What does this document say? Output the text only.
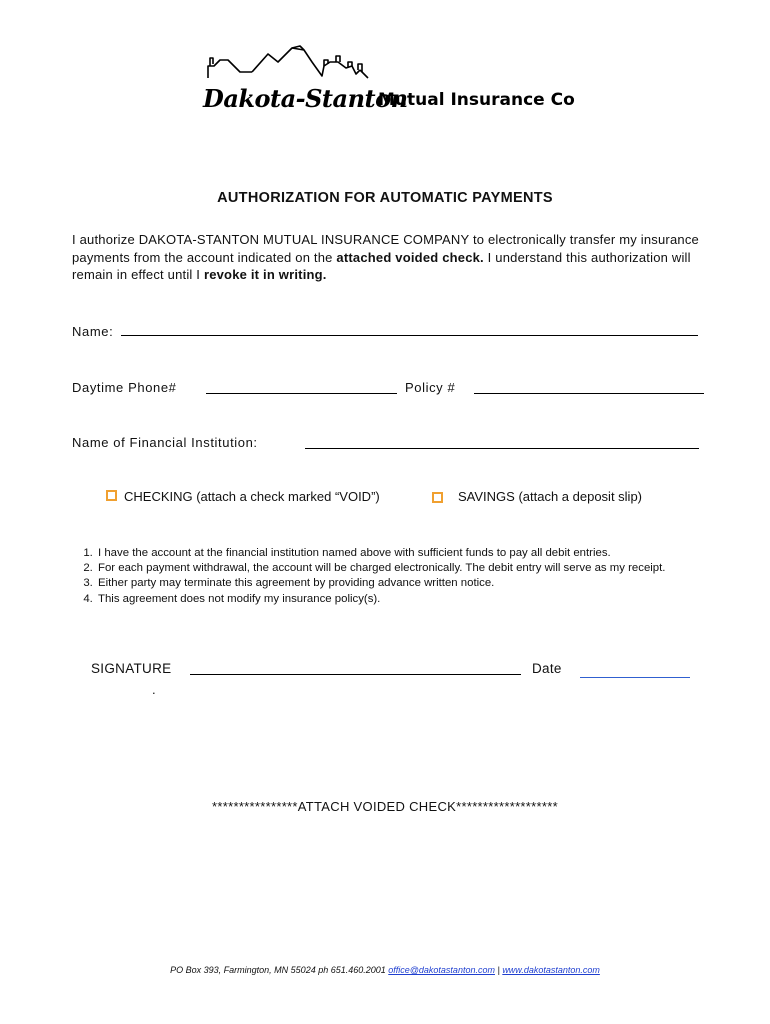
Dakota-Stanton
Mutual Insurance Co
AUTHORIZATION FOR AUTOMATIC PAYMENTS
I authorize DAKOTA-STANTON MUTUAL INSURANCE COMPANY to electronically transfer my insurance payments from the account indicated on the attached voided check. I understand this authorization will remain in effect until I revoke it in writing.
Name:
Daytime Phone#	Policy #
Name of Financial Institution:
CHECKING (attach a check marked “VOID”)	SAVINGS (attach a deposit slip)
1. I have the account at the financial institution named above with sufficient funds to pay all debit entries.
2. For each payment withdrawal, the account will be charged electronically. The debit entry will serve as my receipt.
3. Either party may terminate this agreement by providing advance written notice.
4. This agreement does not modify my insurance policy(s).
SIGNATURE
.
Date
****************ATTACH VOIDED CHECK*******************
PO Box 393, Farmington, MN 55024 ph 651.460.2001 office@dakotastanton.com | www.dakotastanton.com
